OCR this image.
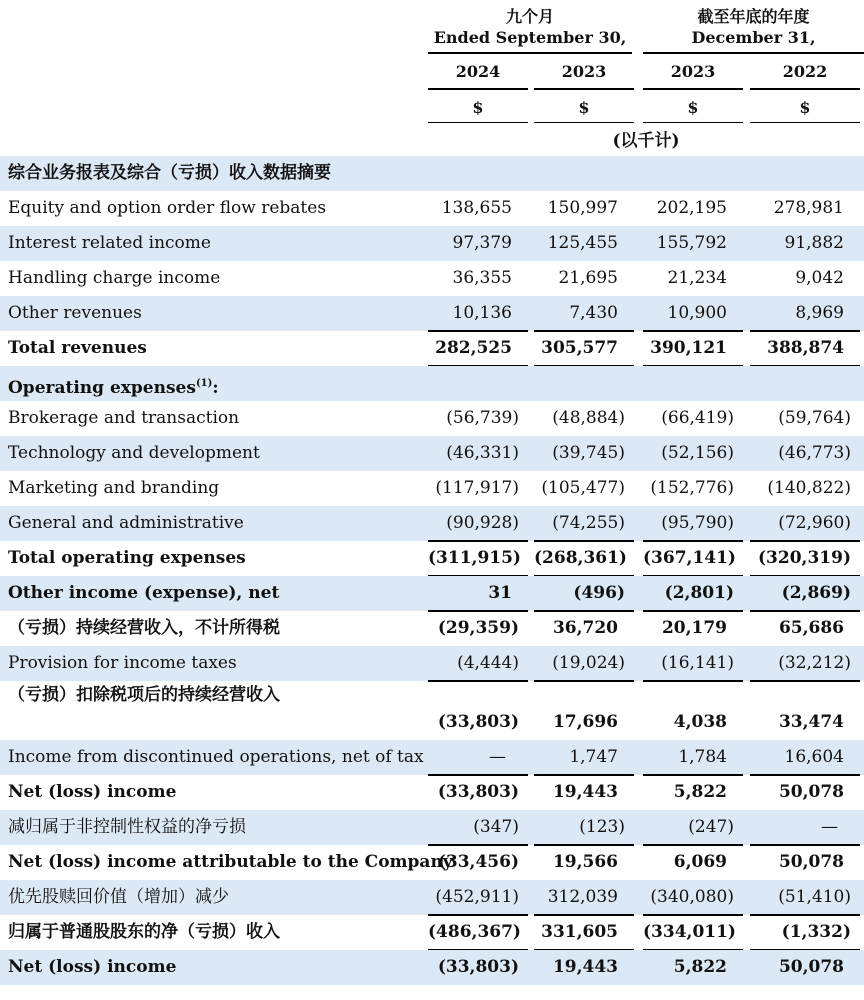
九个月
Ended September 30,
截至年底的年度
December 31,
2024	2023	2023	2022
$	$	$	$
(以千计)
综合业务报表及综合（亏损）收入数据摘要
Equity and option order flow rebates	138,655	150,997	202,195	278,981
Interest related income	97,379	125,455	155,792	91,882
Handling charge income	36,355	21,695	21,234	9,042
Other revenues	10,136	7,430	10,900	8,969
Total revenues	282,525	305,577	390,121	388,874
Operating expenses$^{(1)}$:
Brokerage and transaction	(56,739)	(48,884)	(66,419)	(59,764)
Technology and development	(46,331)	(39,745)	(52,156)	(46,773)
Marketing and branding	(117,917)	(105,477)	(152,776)	(140,822)
General and administrative	(90,928)	(74,255)	(95,790)	(72,960)
Total operating expenses	(311,915) (268,361) (367,141)	(320,319)
Other income (expense), net	31	(496)	(2,801)	(2,869)
（亏损）持续经营收入，不计所得税	(29,359)	36,720	20,179	65,686
Provision for income taxes	(4,444)	(19,024)	(16,141)	(32,212)
（亏损）扣除税项后的持续经营收入
(33,803)	17,696	4,038	33,474
Income from discontinued operations, net of tax	—	1,747	1,784	16,604
Net (loss) income	(33,803)	19,443	5,822	50,078
减归属于非控制性权益的净亏损	(347)	(123)	(247)	—
Net (loss) income attributable to the Company
(33,456)	19,566	6,069	50,078
优先股赎回价值（增加）减少	(452,911)	312,039	(340,080)	(51,410)
归属于普通股股东的净（亏损）收入	(486,367)	331,605 (334,011)	(1,332)
Net (loss) income	(33,803)	19,443	5,822	50,078
